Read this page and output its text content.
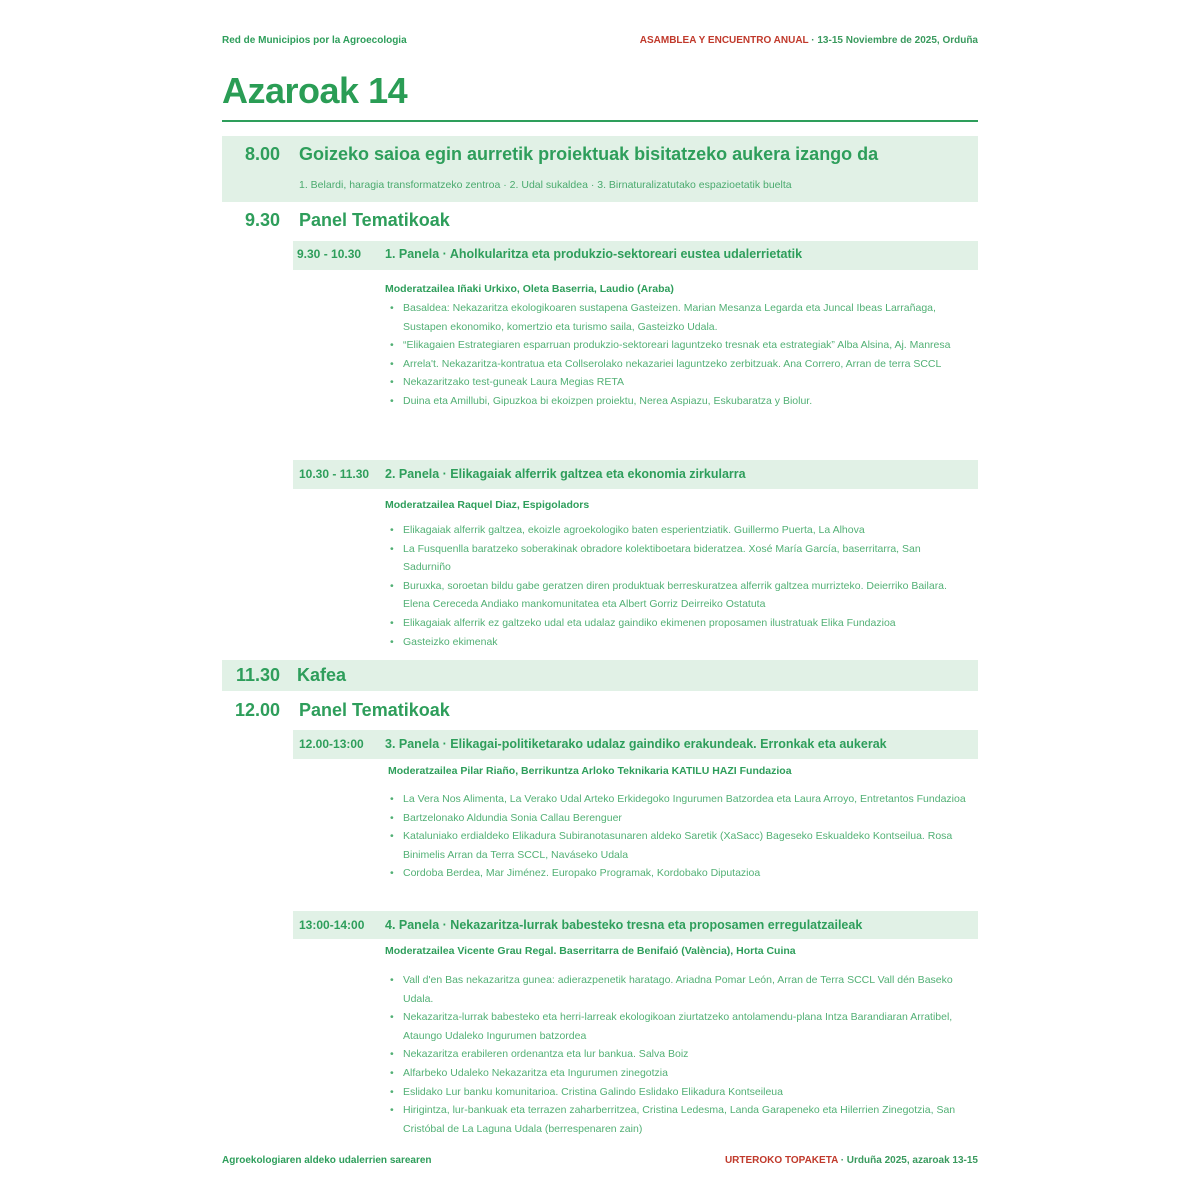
Red de Municipios por la Agroecologia	ASAMBLEA Y ENCUENTRO ANUAL · 13-15 Noviembre de 2025, Orduña
Azaroak 14
8.00 Goizeko saioa egin aurretik proiektuak bisitatzeko aukera izango da
1. Belardi, haragia transformatzeko zentroa · 2. Udal sukaldea · 3. Birnaturalizatutako espazioetatik buelta
9.30 Panel Tematikoak
9.30 - 10.30 1. Panela · Aholkularitza eta produkzio-sektoreari eustea udalerrietatik
Moderatzailea Iñaki Urkixo, Oleta Baserria, Laudio (Araba)
• Basaldea: Nekazaritza ekologikoaren sustapena Gasteizen. Marian Mesanza Legarda eta Juncal Ibeas Larrañaga, Sustapen ekonomiko, komertzio eta turismo saila, Gasteizko Udala.
• “Elikagaien Estrategiaren esparruan produkzio-sektoreari laguntzeko tresnak eta estrategiak” Alba Alsina, Aj. Manresa
• Arrela't. Nekazaritza-kontratua eta Collserolako nekazariei laguntzeko zerbitzuak. Ana Correro, Arran de terra SCCL
• Nekazaritzako test-guneak Laura Megias RETA
• Duina eta Amillubi, Gipuzkoa bi ekoizpen proiektu, Nerea Aspiazu, Eskubaratza y Biolur.
10.30 - 11.30 2. Panela · Elikagaiak alferrik galtzea eta ekonomia zirkularra
Moderatzailea Raquel Diaz, Espigoladors
• Elikagaiak alferrik galtzea, ekoizle agroekologiko baten esperientziatik. Guillermo Puerta, La Alhova
• La Fusquenlla baratzeko soberakinak obradore kolektiboetara bideratzea. Xosé María García, baserritarra, San Sadurniño
• Buruxka, soroetan bildu gabe geratzen diren produktuak berreskuratzea alferrik galtzea murrizteko. Deierriko Bailara. Elena Cereceda Andiako mankomunitatea eta Albert Gorriz Deirreiko Ostatuta
• Elikagaiak alferrik ez galtzeko udal eta udalaz gaindiko ekimenen proposamen ilustratuak Elika Fundazioa
• Gasteizko ekimenak
11.30 Kafea
12.00 Panel Tematikoak
12.00-13:00 3. Panela · Elikagai-politiketarako udalaz gaindiko erakundeak. Erronkak eta aukerak
Moderatzailea Pilar Riaño, Berrikuntza Arloko Teknikaria KATILU HAZI Fundazioa
• La Vera Nos Alimenta, La Verako Udal Arteko Erkidegoko Ingurumen Batzordea eta Laura Arroyo, Entretantos Fundazioa
• Bartzelonako Aldundia Sonia Callau Berenguer
• Kataluniako erdialdeko Elikadura Subiranotasunaren aldeko Saretik (XaSacc) Bageseko Eskualdeko Kontseilua. Rosa Binimelis Arran da Terra SCCL, Naváseko Udala
• Cordoba Berdea, Mar Jiménez. Europako Programak, Kordobako Diputazioa
13:00-14:00 4. Panela · Nekazaritza-lurrak babesteko tresna eta proposamen erregulatzaileak
Moderatzailea Vicente Grau Regal. Baserritarra de Benifaió (València), Horta Cuina
• Vall d'en Bas nekazaritza gunea: adierazpenetik haratago. Ariadna Pomar León, Arran de Terra SCCL Vall dén Baseko Udala.
• Nekazaritza-lurrak babesteko eta herri-larreak ekologikoan ziurtatzeko antolamendu-plana Intza Barandiaran Arratibel, Ataungo Udaleko Ingurumen batzordea
• Nekazaritza erabileren ordenantza eta lur bankua. Salva Boiz
• Alfarbeko Udaleko Nekazaritza eta Ingurumen zinegotzia
• Eslidako Lur banku komunitarioa. Cristina Galindo Eslidako Elikadura Kontseileua
• Hirigintza, lur-bankuak eta terrazen zaharberritzea, Cristina Ledesma, Landa Garapeneko eta Hilerrien Zinegotzia, San Cristóbal de La Laguna Udala (berrespenaren zain)
Agroekologiaren aldeko udalerrien sarearen	URTEROKO TOPAKETA · Urduña 2025, azaroak 13-15
